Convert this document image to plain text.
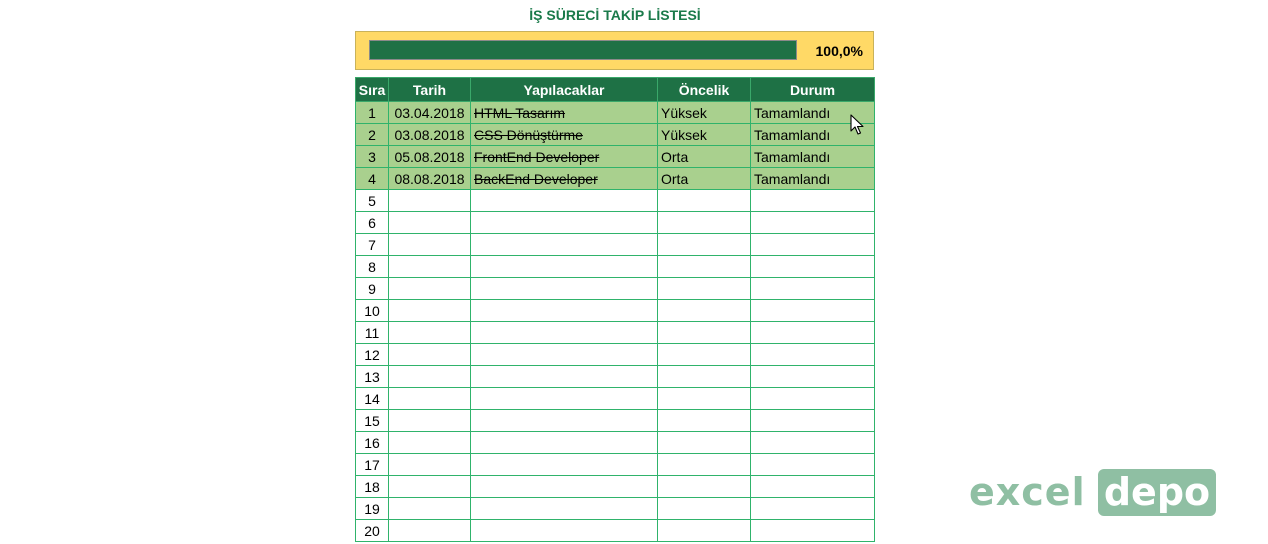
İŞ SÜRECİ TAKİP LİSTESİ
100,0%
Sıra	Tarih	Yapılacaklar	Öncelik	Durum
1	03.04.2018	HTML Tasarım	Yüksek	Tamamlandı
2	03.08.2018	CSS Dönüştürme	Yüksek	Tamamlandı
3	05.08.2018	FrontEnd Developer	Orta	Tamamlandı
4	08.08.2018	BackEnd Developer	Orta	Tamamlandı
5				
6				
7				
8				
9				
10				
11				
12				
13				
14				
15				
16				
17				
18				
19				
20				
excel depo
